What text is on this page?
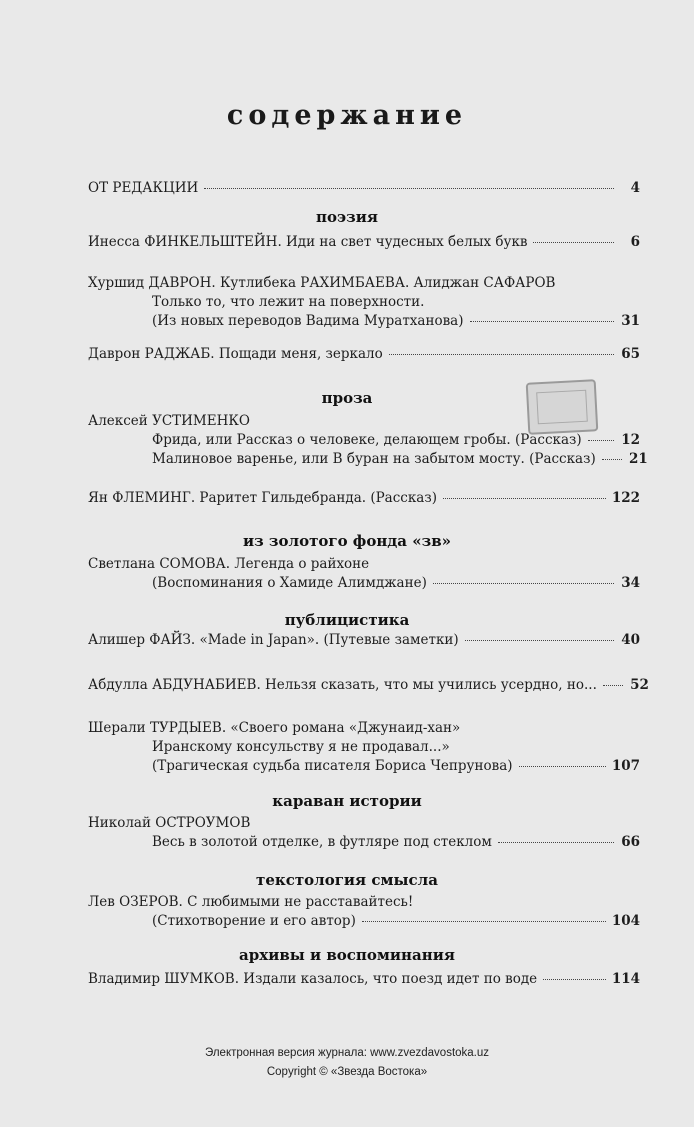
содержание
поэзия
проза
из золотого фонда «зв»
публицистика
караван истории
текстология смысла
архивы и воспоминания
ОТ РЕДАКЦИИ	4
Инесса ФИНКЕЛЬШТЕЙН. Иди на свет чудесных белых букв	6
Хуршид ДАВРОН. Кутлибека РАХИМБАЕВА. Алиджан САФАРОВ
Только то, что лежит на поверхности.
(Из новых переводов Вадима Муратханова)	31
Даврон РАДЖАБ. Пощади меня, зеркало	65
Алексей УСТИМЕНКО
Фрида, или Рассказ о человеке, делающем гробы. (Рассказ)	12
Малиновое варенье, или В буран на забытом мосту. (Рассказ) 21
Ян ФЛЕМИНГ. Раритет Гильдебранда. (Рассказ)	122
Светлана СОМОВА. Легенда о райхоне
(Воспоминания о Хамиде Алимджане)	34
Алишер ФАЙЗ. «Made in Japan». (Путевые заметки)	40
Абдулла АБДУНАБИЕВ. Нельзя сказать, что мы учились усердно, но... 52
Шерали ТУРДЫЕВ. «Своего романа «Джунаид-хан»
Иранскому консульству я не продавал...»
(Трагическая судьба писателя Бориса Чепрунова)	107
Николай ОСТРОУМОВ
Весь в золотой отделке, в футляре под стеклом	66
Лев ОЗЕРОВ. С любимыми не расставайтесь!
(Стихотворение и его автор)	104
Владимир ШУМКОВ. Издали казалось, что поезд идет по воде	114
Электронная версия журнала: www.zvezdavostoka.uz
Copyright © «Звезда Востока»
